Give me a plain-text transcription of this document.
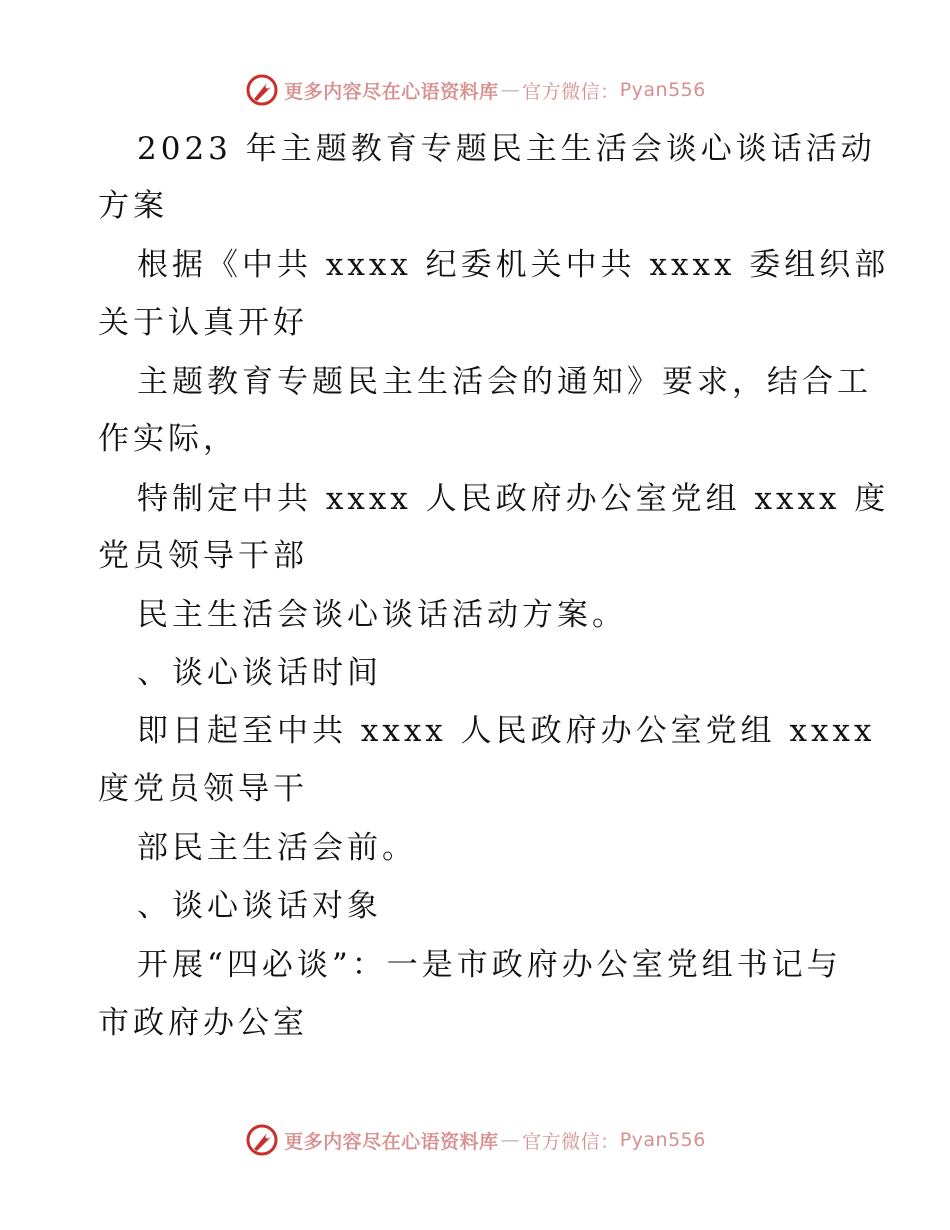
更多内容尽在心语资料库 — 官方微信： Pyan556
2023 年主题教育专题民主生活会谈心谈话活动
方案
根据《中共 xxxx 纪委机关中共 xxxx 委组织部
关于认真开好
主题教育专题民主生活会的通知》要求，结合工
作实际，
特制定中共 xxxx 人民政府办公室党组 xxxx 度
党员领导干部
民主生活会谈心谈话活动方案。
、谈心谈话时间
即日起至中共 xxxx 人民政府办公室党组 xxxx
度党员领导干
部民主生活会前。
、谈心谈话对象
开展“四必谈”：一是市政府办公室党组书记与
市政府办公室
更多内容尽在心语资料库 — 官方微信： Pyan556
